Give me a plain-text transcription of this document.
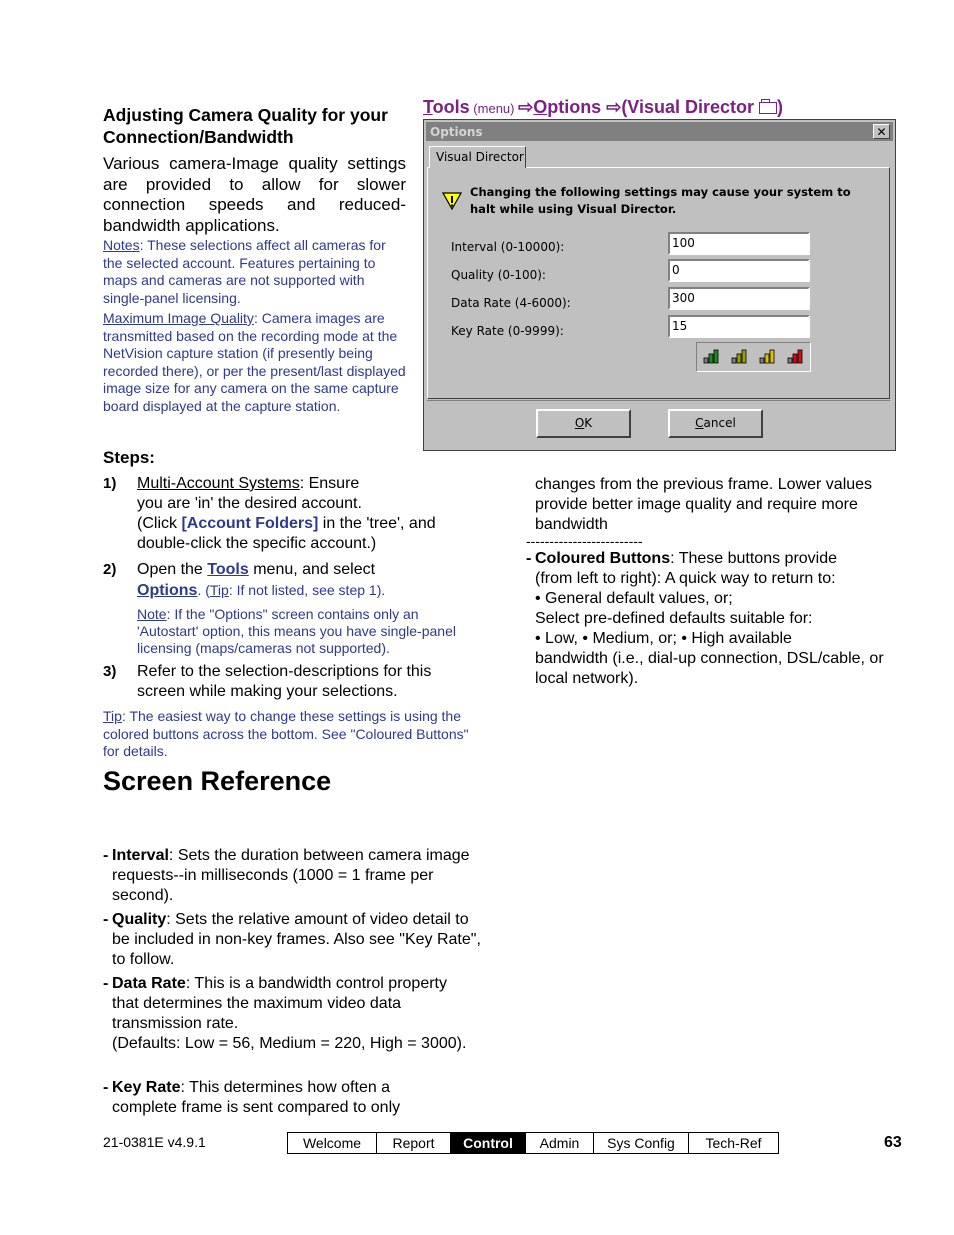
Adjusting Camera Quality for your Connection/Bandwidth
Various camera-Image quality settings are provided to allow for slower connection speeds and reduced-bandwidth applications.
Notes: These selections affect all cameras for the selected account. Features pertaining to maps and cameras are not supported with single-panel licensing.
Maximum Image Quality: Camera images are transmitted based on the recording mode at the NetVision capture station (if presently being recorded there), or per the present/last displayed image size for any camera on the same capture board displayed at the capture station.
Steps:
1) Multi-Account Systems: Ensure
you are 'in' the desired account.
(Click [Account Folders] in the 'tree', and
double-click the specific account.)
2) Open the Tools menu, and select
Options. (Tip: If not listed, see step 1).
Note: If the "Options" screen contains only an 'Autostart' option, this means you have single-panel licensing (maps/cameras not supported).
3) Refer to the selection-descriptions for this screen while making your selections.
Tip: The easiest way to change these settings is using the colored buttons across the bottom. See "Coloured Buttons" for details.
Screen Reference
- Interval: Sets the duration between camera image requests--in milliseconds (1000 = 1 frame per second).
- Quality: Sets the relative amount of video detail to be included in non-key frames. Also see "Key Rate", to follow.
- Data Rate: This is a bandwidth control property that determines the maximum video data transmission rate.
(Defaults: Low = 56, Medium = 220, High = 3000).
- Key Rate: This determines how often a complete frame is sent compared to only
Tools (menu) ⇨Options ⇨(Visual Director
)
Options	✕
Visual Director
Changing the following settings may cause your system to halt while using Visual Director.
Interval (0-10000):	100
Quality (0-100):	0
Data Rate (4-6000):	300
Key Rate (0-9999):	15
OK	Cancel
changes from the previous frame. Lower values provide better image quality and require more bandwidth
-------------------------
- Coloured Buttons: These buttons provide (from left to right): A quick way to return to:
• General default values, or;
Select pre-defined defaults suitable for:
• Low, • Medium, or; • High available
bandwidth (i.e., dial-up connection, DSL/cable, or local network).
21-0381E v4.9.1	Welcome	Report	Control	Admin	Sys Config	Tech-Ref	63
